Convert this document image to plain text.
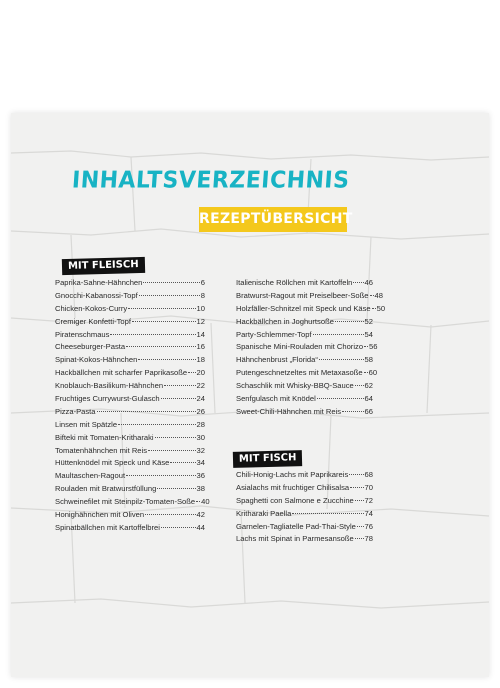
INHALTSVERZEICHNIS
REZEPTÜBERSICHT
MIT FLEISCH
Paprika-Sahne-Hähnchen	6
Gnocchi-Kabanossi-Topf	8
Chicken-Kokos-Curry	10
Cremiger Konfetti-Topf	12
Piratenschmaus	14
Cheeseburger-Pasta	16
Spinat-Kokos-Hähnchen	18
Hackbällchen mit scharfer Paprikasoße 20
Knoblauch-Basilikum-Hähnchen	22
Fruchtiges Currywurst-Gulasch	24
Pizza-Pasta	26
Linsen mit Spätzle	28
Bifteki mit Tomaten-Kritharaki	30
Tomatenhähnchen mit Reis	32
Hüttenknödel mit Speck und Käse	34
Maultaschen-Ragout	36
Rouladen mit Bratwurstfüllung	38
Schweinefilet mit Steinpilz-Tomaten-Soße 40
Honighähnchen mit Oliven	42
Spinatbällchen mit Kartoffelbrei	44
Italienische Röllchen mit Kartoffeln 46
Bratwurst-Ragout mit Preiselbeer-Soße 48
Holzfäller-Schnitzel mit Speck und Käse 50
Hackbällchen in Joghurtsoße	52
Party-Schlemmer-Topf	54
Spanische Mini-Rouladen mit Chorizo 56
Hähnchenbrust „Florida“	58
Putengeschnetzeltes mit Metaxasoße 60
Schaschlik mit Whisky-BBQ-Sauce 62
Senfgulasch mit Knödel	64
Sweet-Chili-Hähnchen mit Reis	66
MIT FISCH
Chili-Honig-Lachs mit Paprikareis 68
Asialachs mit fruchtiger Chilisalsa 70
Spaghetti con Salmone e Zucchine 72
Kritharaki Paella	74
Garnelen-Tagliatelle Pad-Thai-Style 76
Lachs mit Spinat in Parmesansoße 78
